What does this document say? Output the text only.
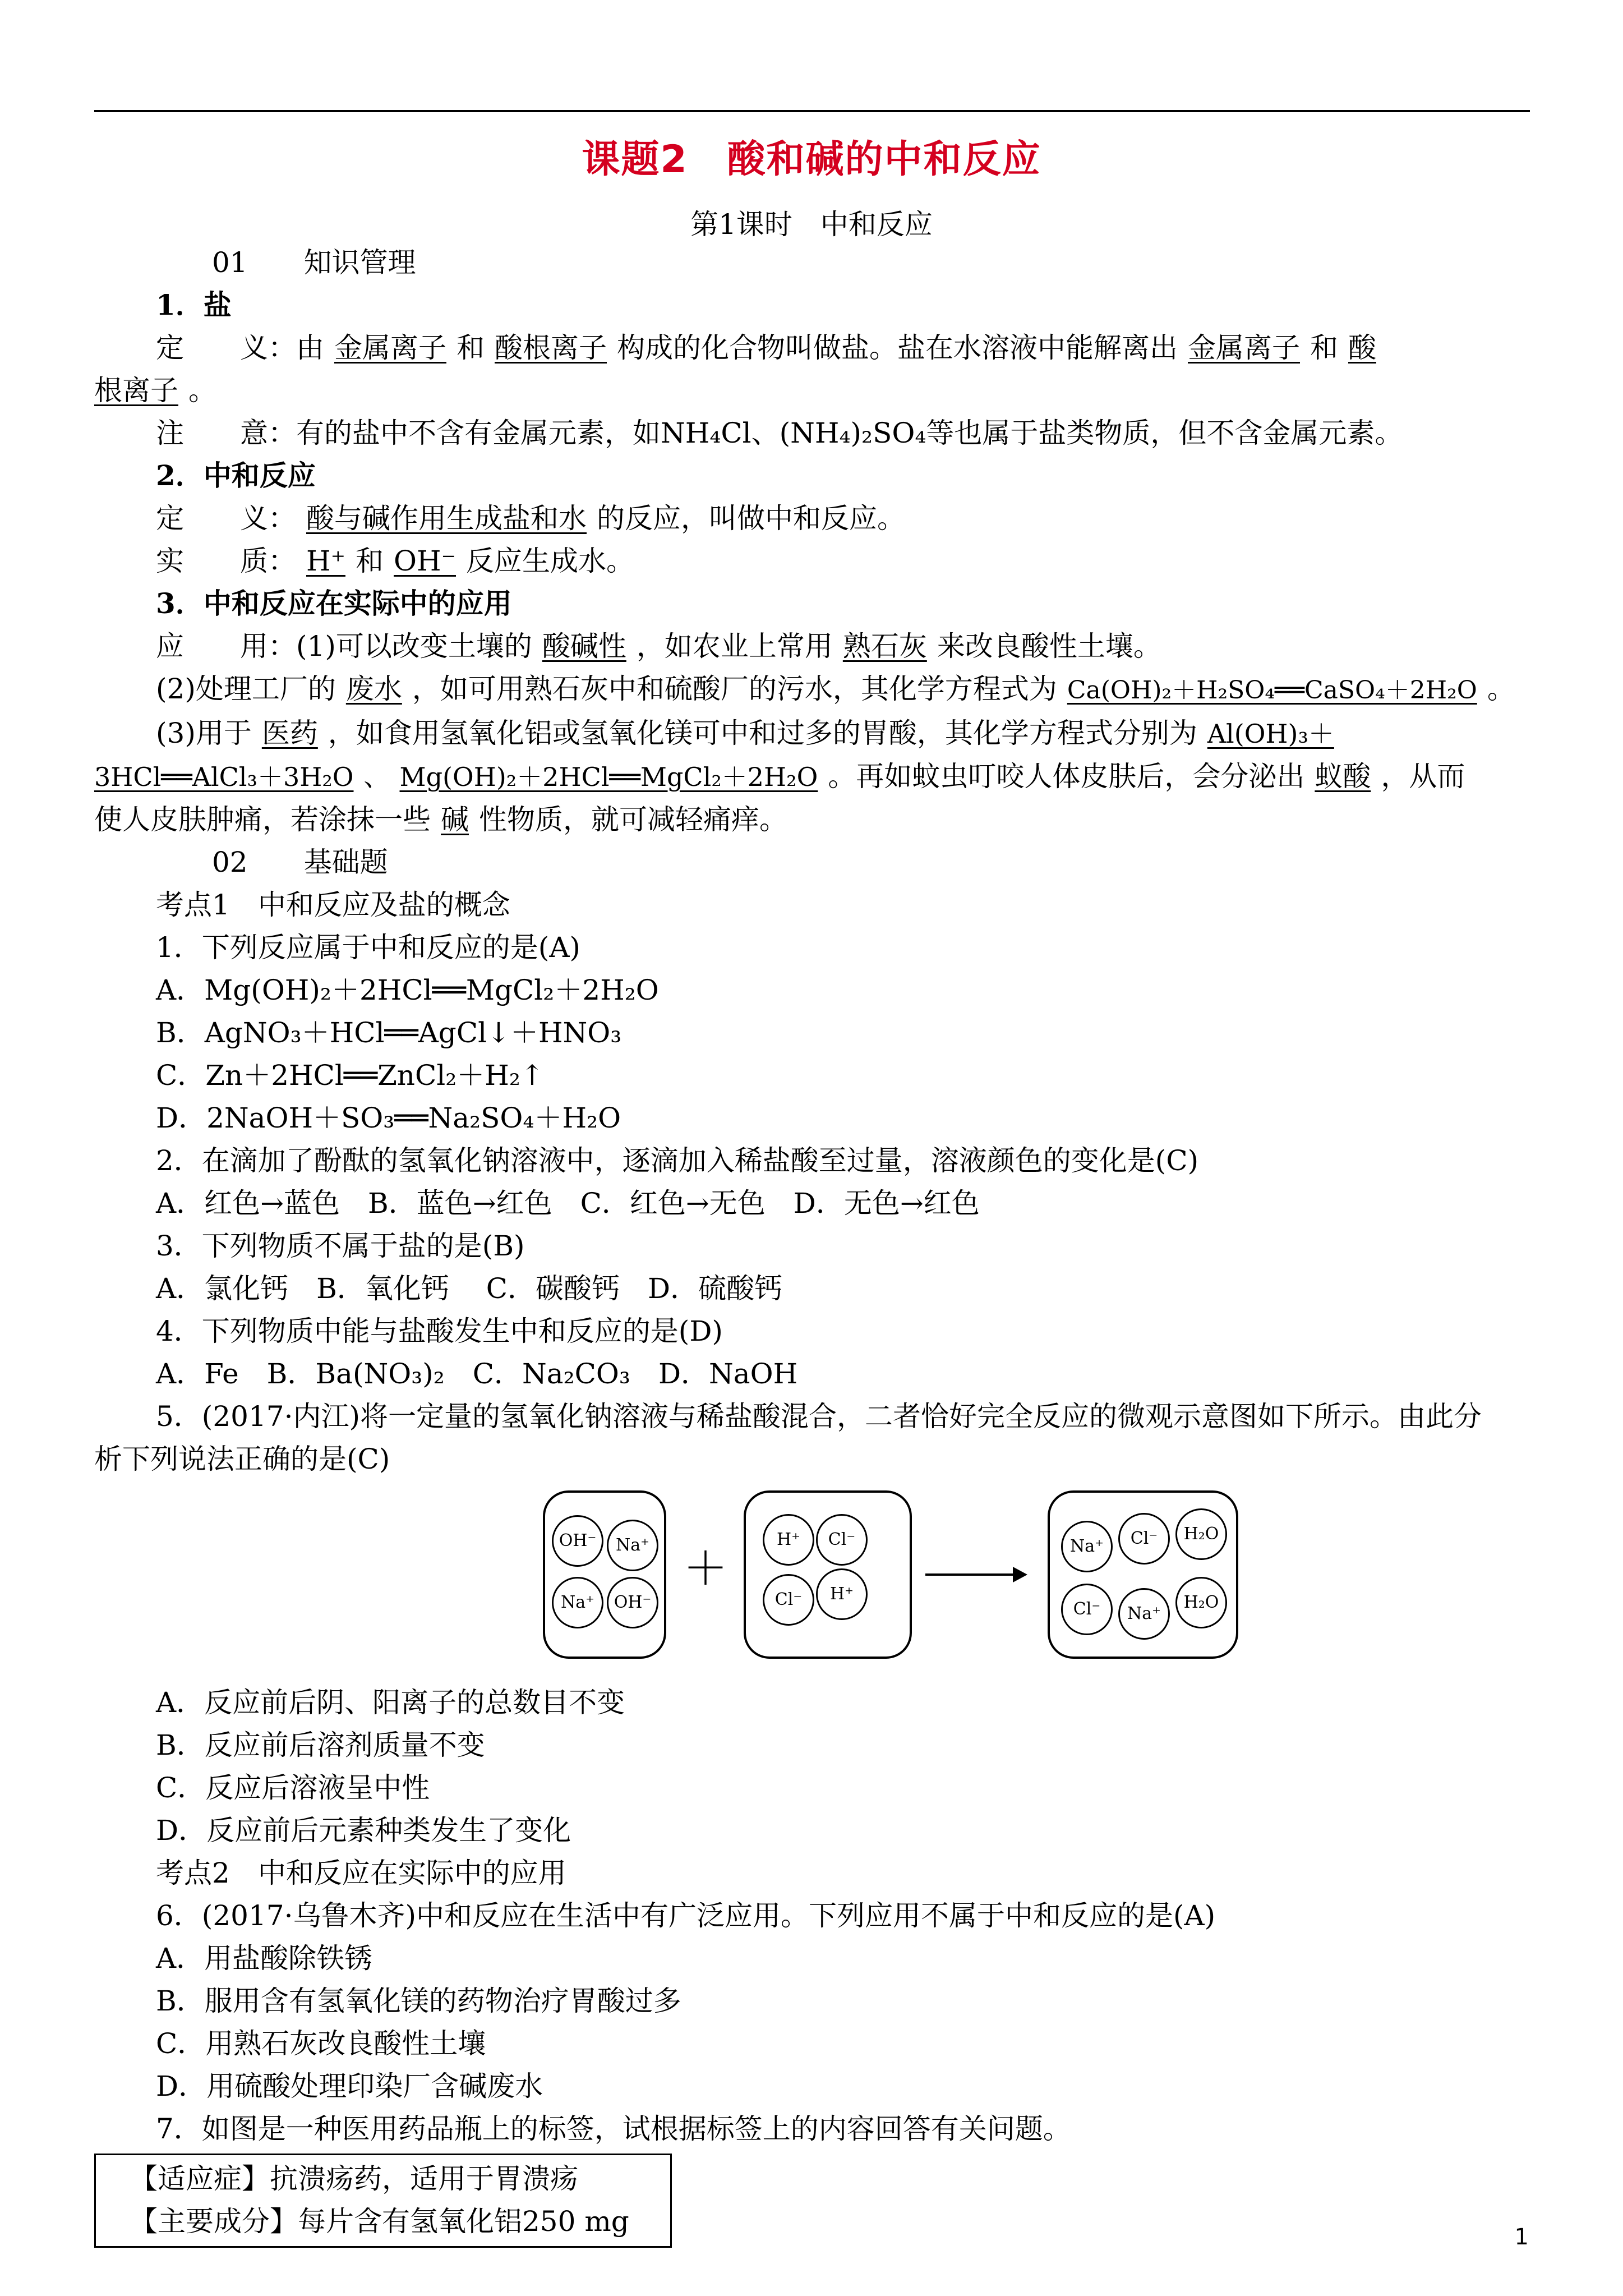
课题2　酸和碱的中和反应
第1课时　中和反应
01　　知识管理
1．盐
定　　义：由 金属离子 和 酸根离子 构成的化合物叫做盐。盐在水溶液中能解离出 金属离子 和 酸
根离子 。
注　　意：有的盐中不含有金属元素，如NH₄Cl、(NH₄)₂SO₄等也属于盐类物质，但不含金属元素。
2．中和反应
定　　义： 酸与碱作用生成盐和水 的反应，叫做中和反应。
实　　质： H⁺ 和 OH⁻ 反应生成水。
3．中和反应在实际中的应用
应　　用：(1)可以改变土壤的 酸碱性 ，如农业上常用 熟石灰 来改良酸性土壤。
(2)处理工厂的 废水 ，如可用熟石灰中和硫酸厂的污水，其化学方程式为 Ca(OH)₂＋H₂SO₄══CaSO₄＋2H₂O 。
(3)用于 医药 ，如食用氢氧化铝或氢氧化镁可中和过多的胃酸，其化学方程式分别为 Al(OH)₃＋
3HCl══AlCl₃＋3H₂O 、 Mg(OH)₂＋2HCl══MgCl₂＋2H₂O 。再如蚊虫叮咬人体皮肤后，会分泌出 蚁酸 ，从而
使人皮肤肿痛，若涂抹一些 碱 性物质，就可减轻痛痒。
02　　基础题
考点1　中和反应及盐的概念
1．下列反应属于中和反应的是(A)
A．Mg(OH)₂＋2HCl══MgCl₂＋2H₂O
B．AgNO₃＋HCl══AgCl↓＋HNO₃
C．Zn＋2HCl══ZnCl₂＋H₂↑
D．2NaOH＋SO₃══Na₂SO₄＋H₂O
2．在滴加了酚酞的氢氧化钠溶液中，逐滴加入稀盐酸至过量，溶液颜色的变化是(C)
A．红色→蓝色　B．蓝色→红色　C．红色→无色　D．无色→红色
3．下列物质不属于盐的是(B)
A．氯化钙　B．氧化钙　 C．碳酸钙　D．硫酸钙
4．下列物质中能与盐酸发生中和反应的是(D)
A．Fe　B．Ba(NO₃)₂　C．Na₂CO₃　D．NaOH
5．(2017·内江)将一定量的氢氧化钠溶液与稀盐酸混合，二者恰好完全反应的微观示意图如下所示。由此分
析下列说法正确的是(C)
OH⁻	Na⁺
Na⁺	OH⁻
＋
H⁺	Cl⁻
Cl⁻	H⁺
Na⁺	Cl⁻	H₂O
Cl⁻	Na⁺
H₂O
A．反应前后阴、阳离子的总数目不变
B．反应前后溶剂质量不变
C．反应后溶液呈中性
D．反应前后元素种类发生了变化
考点2　中和反应在实际中的应用
6．(2017·乌鲁木齐)中和反应在生活中有广泛应用。下列应用不属于中和反应的是(A)
A．用盐酸除铁锈
B．服用含有氢氧化镁的药物治疗胃酸过多
C．用熟石灰改良酸性土壤
D．用硫酸处理印染厂含碱废水
7．如图是一种医用药品瓶上的标签，试根据标签上的内容回答有关问题。
【适应症】抗溃疡药，适用于胃溃疡
【主要成分】每片含有氢氧化铝250 mg	1
